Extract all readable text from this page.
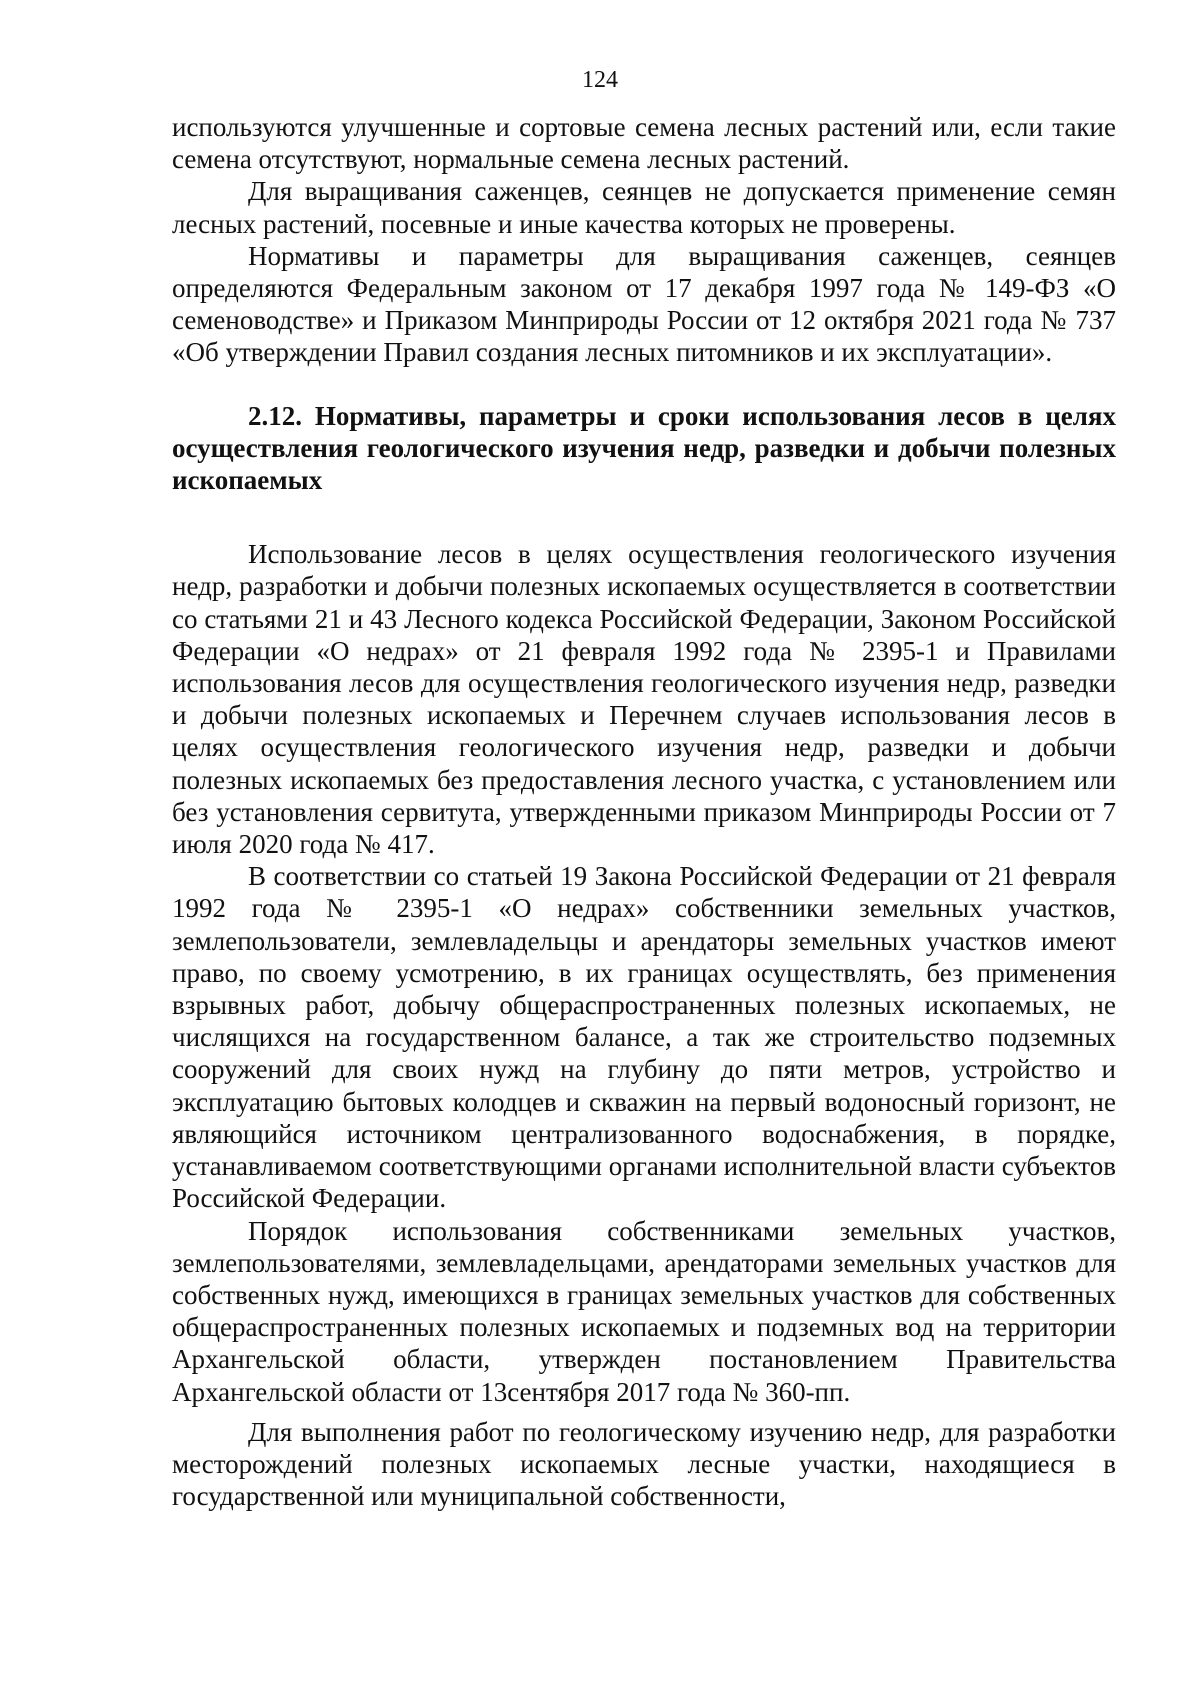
124

используются улучшенные и сортовые семена лесных растений или, если такие семена отсутствуют, нормальные семена лесных растений.

Для выращивания саженцев, сеянцев не допускается применение семян лесных растений, посевные и иные качества которых не проверены.

Нормативы и параметры для выращивания саженцев, сеянцев определяются Федеральным законом от 17 декабря 1997 года № 149-ФЗ «О семеноводстве» и Приказом Минприроды России от 12 октября 2021 года № 737 «Об утверждении Правил создания лесных питомников и их эксплуатации».

2.12. Нормативы, параметры и сроки использования лесов в целях осуществления геологического изучения недр, разведки и добычи полезных ископаемых

Использование лесов в целях осуществления геологического изучения недр, разработки и добычи полезных ископаемых осуществляется в соответствии со статьями 21 и 43 Лесного кодекса Российской Федерации, Законом Российской Федерации «О недрах» от 21 февраля 1992 года № 2395-1 и Правилами использования лесов для осуществления геологического изучения недр, разведки и добычи полезных ископаемых и Перечнем случаев использования лесов в целях осуществления геологического изучения недр, разведки и добычи полезных ископаемых без предоставления лесного участка, с установлением или без установления сервитута, утвержденными приказом Минприроды России от 7 июля 2020 года № 417.

В соответствии со статьей 19 Закона Российской Федерации от 21 февраля 1992 года № 2395-1 «О недрах» собственники земельных участков, землепользователи, землевладельцы и арендаторы земельных участков имеют право, по своему усмотрению, в их границах осуществлять, без применения взрывных работ, добычу общераспространенных полезных ископаемых, не числящихся на государственном балансе, а так же строительство подземных сооружений для своих нужд на глубину до пяти метров, устройство и эксплуатацию бытовых колодцев и скважин на первый водоносный горизонт, не являющийся источником централизованного водоснабжения, в порядке, устанавливаемом соответствующими органами исполнительной власти субъектов Российской Федерации.

Порядок использования собственниками земельных участков, землепользователями, землевладельцами, арендаторами земельных участков для собственных нужд, имеющихся в границах земельных участков для собственных общераспространенных полезных ископаемых и подземных вод на территории Архангельской области, утвержден постановлением Правительства Архангельской области от 13сентября 2017 года № 360-пп.

Для выполнения работ по геологическому изучению недр, для разработки месторождений полезных ископаемых лесные участки, находящиеся в государственной или муниципальной собственности,
